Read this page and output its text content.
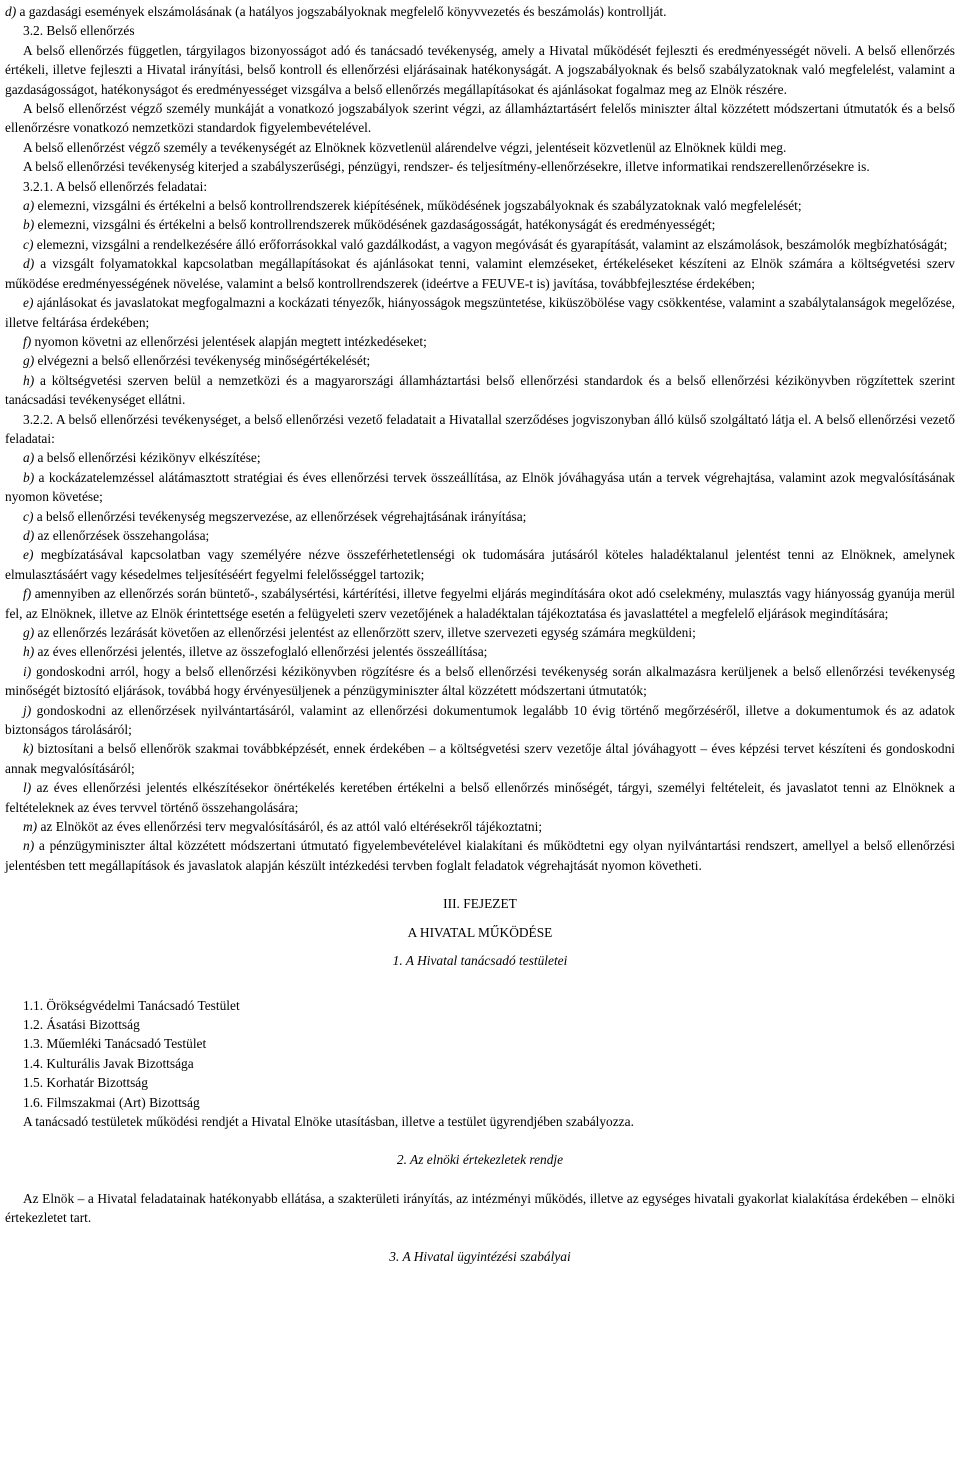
d) a gazdasági események elszámolásának (a hatályos jogszabályoknak megfelelő könyvvezetés és beszámolás) kontrollját.

3.2. Belső ellenőrzés

A belső ellenőrzés független, tárgyilagos bizonyosságot adó és tanácsadó tevékenység, amely a Hivatal működését fejleszti és eredményességét növeli. A belső ellenőrzés értékeli, illetve fejleszti a Hivatal irányítási, belső kontroll és ellenőrzési eljárásainak hatékonyságát. A jogszabályoknak és belső szabályzatoknak való megfelelést, valamint a gazdaságosságot, hatékonyságot és eredményességet vizsgálva a belső ellenőrzés megállapításokat és ajánlásokat fogalmaz meg az Elnök részére.

A belső ellenőrzést végző személy munkáját a vonatkozó jogszabályok szerint végzi, az államháztartásért felelős miniszter által közzétett módszertani útmutatók és a belső ellenőrzésre vonatkozó nemzetközi standardok figyelembevételével.

A belső ellenőrzést végző személy a tevékenységét az Elnöknek közvetlenül alárendelve végzi, jelentéseit közvetlenül az Elnöknek küldi meg.

A belső ellenőrzési tevékenység kiterjed a szabályszerűségi, pénzügyi, rendszer- és teljesítmény-ellenőrzésekre, illetve informatikai rendszerellenőrzésekre is.

3.2.1. A belső ellenőrzés feladatai:

a) elemezni, vizsgálni és értékelni a belső kontrollrendszerek kiépítésének, működésének jogszabályoknak és szabályzatoknak való megfelelését;

b) elemezni, vizsgálni és értékelni a belső kontrollrendszerek működésének gazdaságosságát, hatékonyságát és eredményességét;

c) elemezni, vizsgálni a rendelkezésére álló erőforrásokkal való gazdálkodást, a vagyon megóvását és gyarapítását, valamint az elszámolások, beszámolók megbízhatóságát;

d) a vizsgált folyamatokkal kapcsolatban megállapításokat és ajánlásokat tenni, valamint elemzéseket, értékeléseket készíteni az Elnök számára a költségvetési szerv működése eredményességének növelése, valamint a belső kontrollrendszerek (ideértve a FEUVE-t is) javítása, továbbfejlesztése érdekében;

e) ajánlásokat és javaslatokat megfogalmazni a kockázati tényezők, hiányosságok megszüntetése, kiküszöbölése vagy csökkentése, valamint a szabálytalanságok megelőzése, illetve feltárása érdekében;

f) nyomon követni az ellenőrzési jelentések alapján megtett intézkedéseket;

g) elvégezni a belső ellenőrzési tevékenység minőségértékelését;

h) a költségvetési szerven belül a nemzetközi és a magyarországi államháztartási belső ellenőrzési standardok és a belső ellenőrzési kézikönyvben rögzítettek szerint tanácsadási tevékenységet ellátni.

3.2.2. A belső ellenőrzési tevékenységet, a belső ellenőrzési vezető feladatait a Hivatallal szerződéses jogviszonyban álló külső szolgáltató látja el. A belső ellenőrzési vezető feladatai:

a) a belső ellenőrzési kézikönyv elkészítése;

b) a kockázatelemzéssel alátámasztott stratégiai és éves ellenőrzési tervek összeállítása, az Elnök jóváhagyása után a tervek végrehajtása, valamint azok megvalósításának nyomon követése;

c) a belső ellenőrzési tevékenység megszervezése, az ellenőrzések végrehajtásának irányítása;

d) az ellenőrzések összehangolása;

e) megbízatásával kapcsolatban vagy személyére nézve összeférhetetlenségi ok tudomására jutásáról köteles haladéktalanul jelentést tenni az Elnöknek, amelynek elmulasztásáért vagy késedelmes teljesítéséért fegyelmi felelősséggel tartozik;

f) amennyiben az ellenőrzés során büntető-, szabálysértési, kártérítési, illetve fegyelmi eljárás megindítására okot adó cselekmény, mulasztás vagy hiányosság gyanúja merül fel, az Elnöknek, illetve az Elnök érintettsége esetén a felügyeleti szerv vezetőjének a haladéktalan tájékoztatása és javaslattétel a megfelelő eljárások megindítására;

g) az ellenőrzés lezárását követően az ellenőrzési jelentést az ellenőrzött szerv, illetve szervezeti egység számára megküldeni;

h) az éves ellenőrzési jelentés, illetve az összefoglaló ellenőrzési jelentés összeállítása;

i) gondoskodni arról, hogy a belső ellenőrzési kézikönyvben rögzítésre és a belső ellenőrzési tevékenység során alkalmazásra kerüljenek a belső ellenőrzési tevékenység minőségét biztosító eljárások, továbbá hogy érvényesüljenek a pénzügyminiszter által közzétett módszertani útmutatók;

j) gondoskodni az ellenőrzések nyilvántartásáról, valamint az ellenőrzési dokumentumok legalább 10 évig történő megőrzéséről, illetve a dokumentumok és az adatok biztonságos tárolásáról;

k) biztosítani a belső ellenőrök szakmai továbbképzését, ennek érdekében – a költségvetési szerv vezetője által jóváhagyott – éves képzési tervet készíteni és gondoskodni annak megvalósításáról;

l) az éves ellenőrzési jelentés elkészítésekor önértékelés keretében értékelni a belső ellenőrzés minőségét, tárgyi, személyi feltételeit, és javaslatot tenni az Elnöknek a feltételeknek az éves tervvel történő összehangolására;

m) az Elnököt az éves ellenőrzési terv megvalósításáról, és az attól való eltérésekről tájékoztatni;

n) a pénzügyminiszter által közzétett módszertani útmutató figyelembevételével kialakítani és működtetni egy olyan nyilvántartási rendszert, amellyel a belső ellenőrzési jelentésben tett megállapítások és javaslatok alapján készült intézkedési tervben foglalt feladatok végrehajtását nyomon követheti.

III. FEJEZET

A HIVATAL MŰKÖDÉSE

1. A Hivatal tanácsadó testületei

1.1. Örökségvédelmi Tanácsadó Testület

1.2. Ásatási Bizottság

1.3. Műemléki Tanácsadó Testület

1.4. Kulturális Javak Bizottsága

1.5. Korhatár Bizottság

1.6. Filmszakmai (Art) Bizottság

A tanácsadó testületek működési rendjét a Hivatal Elnöke utasításban, illetve a testület ügyrendjében szabályozza.

2. Az elnöki értekezletek rendje

Az Elnök – a Hivatal feladatainak hatékonyabb ellátása, a szakterületi irányítás, az intézményi működés, illetve az egységes hivatali gyakorlat kialakítása érdekében – elnöki értekezletet tart.

3. A Hivatal ügyintézési szabályai
